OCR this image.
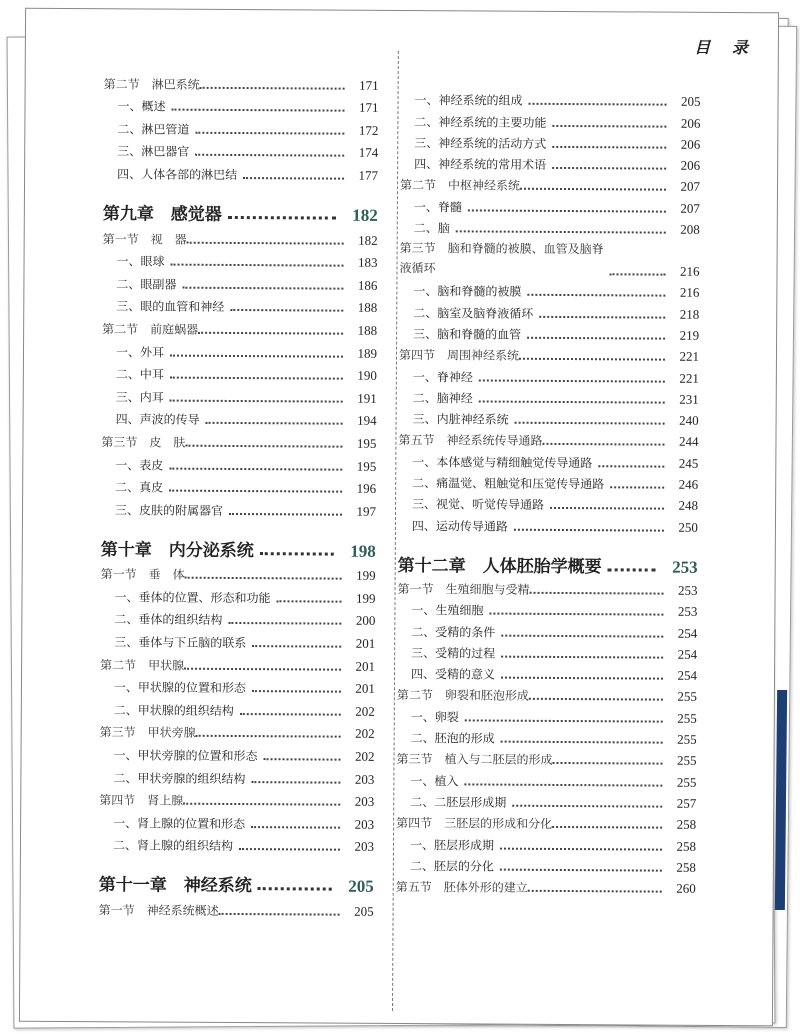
目 录
第二节　淋巴系统	171
一、概述	171
二、淋巴管道	172
三、淋巴器官	174
四、人体各部的淋巴结	177
第九章　感觉器	182
第一节　视　器	182
一、眼球	183
二、眼副器	186
三、眼的血管和神经	188
第二节　前庭蜗器	188
一、外耳	189
二、中耳	190
三、内耳	191
四、声波的传导	194
第三节　皮　肤	195
一、表皮	195
二、真皮	196
三、皮肤的附属器官	197
第十章　内分泌系统	198
第一节　垂　体	199
一、垂体的位置、形态和功能	199
二、垂体的组织结构	200
三、垂体与下丘脑的联系	201
第二节　甲状腺	201
一、甲状腺的位置和形态	201
二、甲状腺的组织结构	202
第三节　甲状旁腺	202
一、甲状旁腺的位置和形态	202
二、甲状旁腺的组织结构	203
第四节　肾上腺	203
一、肾上腺的位置和形态	203
二、肾上腺的组织结构	203
第十一章　神经系统	205
第一节　神经系统概述	205
一、神经系统的组成	205
二、神经系统的主要功能	206
三、神经系统的活动方式	206
四、神经系统的常用术语	206
第二节　中枢神经系统	207
一、脊髓	207
二、脑	208
第三节　脑和脊髓的被膜、血管及脑脊液循环	216
一、脑和脊髓的被膜	216
二、脑室及脑脊液循环	218
三、脑和脊髓的血管	219
第四节　周围神经系统	221
一、脊神经	221
二、脑神经	231
三、内脏神经系统	240
第五节　神经系统传导通路	244
一、本体感觉与精细触觉传导通路	245
二、痛温觉、粗触觉和压觉传导通路	246
三、视觉、听觉传导通路	248
四、运动传导通路	250
第十二章　人体胚胎学概要	253
第一节　生殖细胞与受精	253
一、生殖细胞	253
二、受精的条件	254
三、受精的过程	254
四、受精的意义	254
第二节　卵裂和胚泡形成	255
一、卵裂	255
二、胚泡的形成	255
第三节　植入与二胚层的形成	255
一、植入	255
二、二胚层形成期	257
第四节　三胚层的形成和分化	258
一、胚层形成期	258
二、胚层的分化	258
第五节　胚体外形的建立	260
